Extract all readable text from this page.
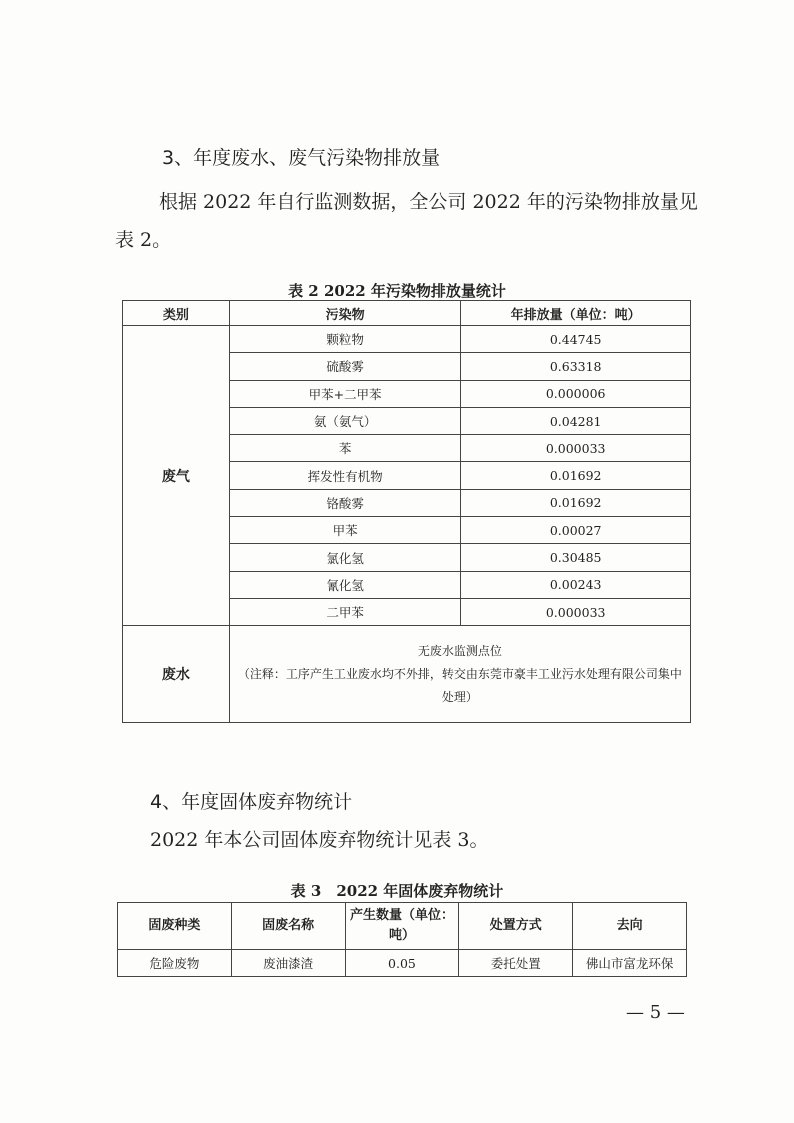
3、年度废水、废气污染物排放量
根据 2022 年自行监测数据，全公司 2022 年的污染物排放量见表 2。
表 2 2022 年污染物排放量统计
类别	污染物	年排放量（单位：吨）
废气	颗粒物	0.44745
	硫酸雾	0.63318
	甲苯+二甲苯	0.000006
	氨（氨气）	0.04281
	苯	0.000033
	挥发性有机物	0.01692
	铬酸雾	0.01692
	甲苯	0.00027
	氯化氢	0.30485
	氰化氢	0.00243
	二甲苯	0.000033
废水	无废水监测点位
（注释：工序产生工业废水均不外排，转交由东莞市豪丰工业污水处理有限公司集中处理）	
4、年度固体废弃物统计
2022 年本公司固体废弃物统计见表 3。
表 3　2022 年固体废弃物统计
固废种类	固废名称	产生数量（单位：吨）	处置方式	去向
危险废物	废油漆渣	0.05	委托处置	佛山市富龙环保
— 5 —
